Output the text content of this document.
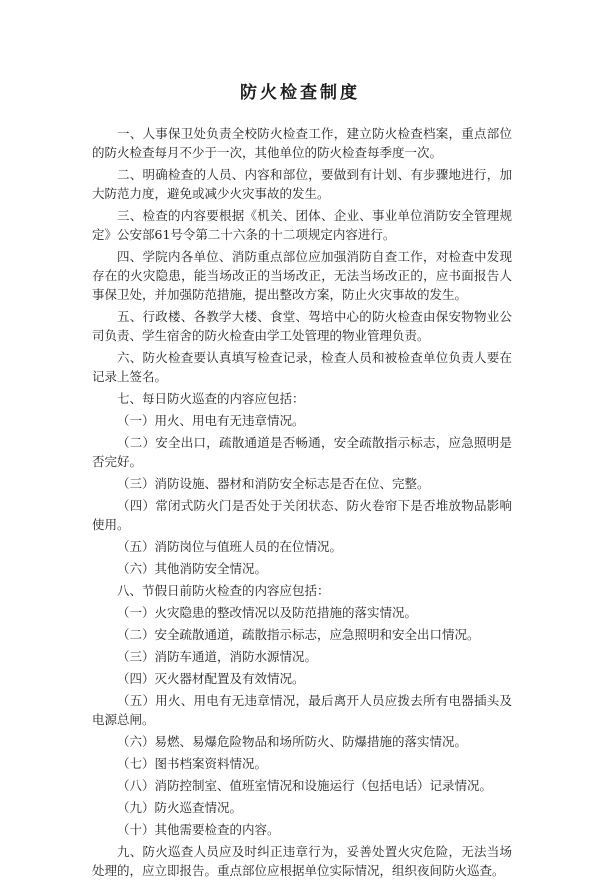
防火检查制度

一、人事保卫处负责全校防火检查工作，建立防火检查档案，重点部位的防火检查每月不少于一次，其他单位的防火检查每季度一次。

二、明确检查的人员、内容和部位，要做到有计划、有步骤地进行，加大防范力度，避免或减少火灾事故的发生。

三、检查的内容要根据《机关、团体、企业、事业单位消防安全管理规定》公安部61号令第二十六条的十二项规定内容进行。

四、学院内各单位、消防重点部位应加强消防自查工作，对检查中发现存在的火灾隐患，能当场改正的当场改正，无法当场改正的，应书面报告人事保卫处，并加强防范措施，提出整改方案，防止火灾事故的发生。

五、行政楼、各教学大楼、食堂、驾培中心的防火检查由保安物物业公司负责、学生宿舍的防火检查由学工处管理的物业管理负责。

六、防火检查要认真填写检查记录，检查人员和被检查单位负责人要在记录上签名。

七、每日防火巡查的内容应包括：

（一）用火、用电有无违章情况。

（二）安全出口，疏散通道是否畅通，安全疏散指示标志，应急照明是否完好。

（三）消防设施、器材和消防安全标志是否在位、完整。

（四）常闭式防火门是否处于关闭状态、防火卷帘下是否堆放物品影响使用。

（五）消防岗位与值班人员的在位情况。

（六）其他消防安全情况。

八、节假日前防火检查的内容应包括：

（一）火灾隐患的整改情况以及防范措施的落实情况。

（二）安全疏散通道，疏散指示标志，应急照明和安全出口情况。

（三）消防车通道，消防水源情况。

（四）灭火器材配置及有效情况。

（五）用火、用电有无违章情况，最后离开人员应拨去所有电器插头及电源总闸。

（六）易燃、易爆危险物品和场所防火、防爆措施的落实情况。

（七）图书档案资料情况。

（八）消防控制室、值班室情况和设施运行（包括电话）记录情况。

（九）防火巡查情况。

（十）其他需要检查的内容。

九、防火巡查人员应及时纠正违章行为，妥善处置火灾危险，无法当场处理的，应立即报告。重点部位应根据单位实际情况，组织夜间防火巡查。
